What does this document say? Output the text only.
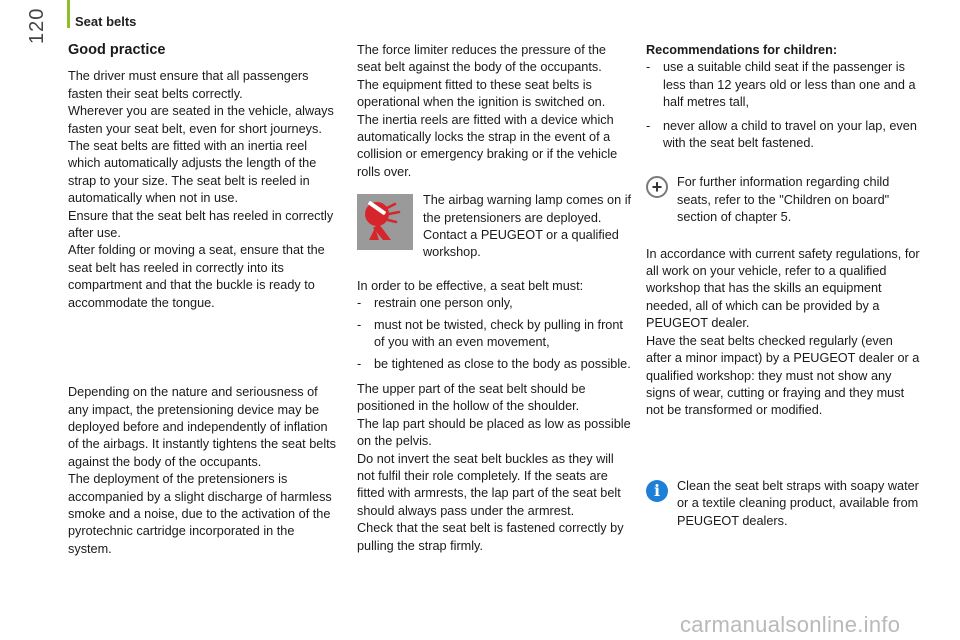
120	Seat belts
Good practice

The driver must ensure that all passengers fasten their seat belts correctly.

Wherever you are seated in the vehicle, always fasten your seat belt, even for short journeys.

The seat belts are fitted with an inertia reel which automatically adjusts the length of the strap to your size. The seat belt is reeled in automatically when not in use.

Ensure that the seat belt has reeled in correctly after use.

After folding or moving a seat, ensure that the seat belt has reeled in correctly into its compartment and that the buckle is ready to accommodate the tongue.

Depending on the nature and seriousness of any impact, the pretensioning device may be deployed before and independently of inflation of the airbags. It instantly tightens the seat belts against the body of the occupants.

The deployment of the pretensioners is accompanied by a slight discharge of harmless smoke and a noise, due to the activation of the pyrotechnic cartridge incorporated in the system.

The force limiter reduces the pressure of the seat belt against the body of the occupants.

The equipment fitted to these seat belts is operational when the ignition is switched on.

The inertia reels are fitted with a device which automatically locks the strap in the event of a collision or emergency braking or if the vehicle rolls over.

The airbag warning lamp comes on if the pretensioners are deployed. Contact a PEUGEOT or a qualified workshop.

In order to be effective, a seat belt must:

- restrain one person only,
- must not be twisted, check by pulling in front of you with an even movement,
- be tightened as close to the body as possible.

The upper part of the seat belt should be positioned in the hollow of the shoulder.

The lap part should be placed as low as possible on the pelvis.

Do not invert the seat belt buckles as they will not fulfil their role completely. If the seats are fitted with armrests, the lap part of the seat belt should always pass under the armrest.

Check that the seat belt is fastened correctly by pulling the strap firmly.

Recommendations for children:

- use a suitable child seat if the passenger is less than 12 years old or less than one and a half metres tall,
- never allow a child to travel on your lap, even with the seat belt fastened.
+ For further information regarding child seats, refer to the "Children on board" section of chapter 5.

In accordance with current safety regulations, for all work on your vehicle, refer to a qualified workshop that has the skills an equipment needed, all of which can be provided by a PEUGEOT dealer.

Have the seat belts checked regularly (even after a minor impact) by a PEUGEOT dealer or a qualified workshop: they must not show any signs of wear, cutting or fraying and they must not be transformed or modified.

i	Clean the seat belt straps with soapy water or a textile cleaning product, available from PEUGEOT dealers.
carmanualsonline.info
